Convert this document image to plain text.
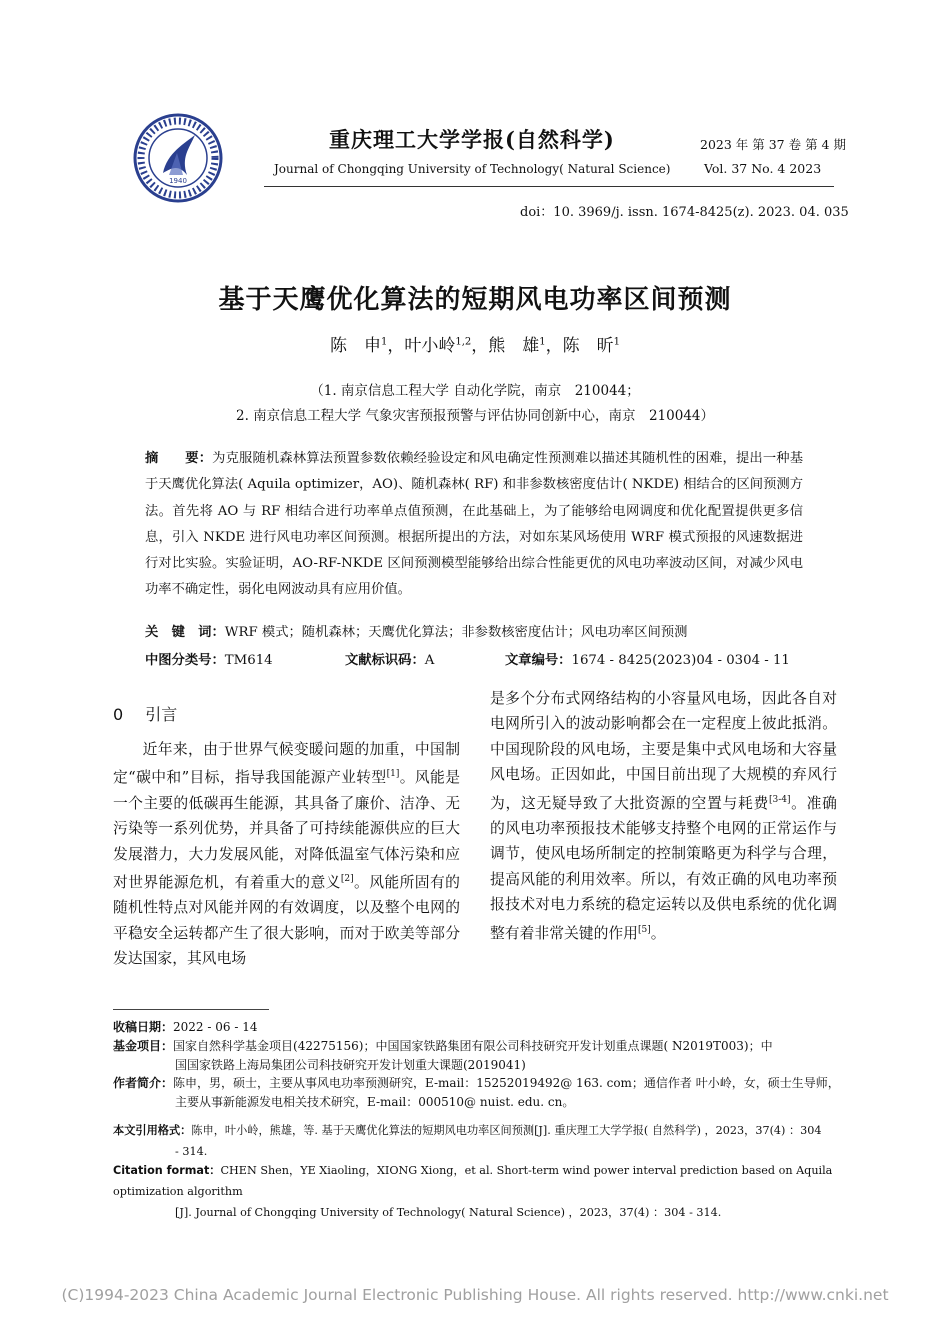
1940
重庆理工大学学报(自然科学)
Journal of Chongqing University of Technology( Natural Science)
2023 年 第 37 卷 第 4 期
Vol. 37 No. 4 2023
doi：10. 3969/j. issn. 1674-8425(z). 2023. 04. 035
基于天鹰优化算法的短期风电功率区间预测
陈　申$^1$，叶小岭$^{1,2}$，熊　雄$^1$，陈　昕$^1$
（1. 南京信息工程大学 自动化学院，南京　210044；
2. 南京信息工程大学 气象灾害预报预警与评估协同创新中心，南京　210044）
摘　　要：为克服随机森林算法预置参数依赖经验设定和风电确定性预测难以描述其随机性的困难，提出一种基于天鹰优化算法( Aquila optimizer，AO)、随机森林( RF) 和非参数核密度估计( NKDE) 相结合的区间预测方法。首先将 AO 与 RF 相结合进行功率单点值预测，在此基础上，为了能够给电网调度和优化配置提供更多信息，引入 NKDE 进行风电功率区间预测。根据所提出的方法，对如东某风场使用 WRF 模式预报的风速数据进行对比实验。实验证明，AO-RF-NKDE 区间预测模型能够给出综合性能更优的风电功率波动区间，对减少风电功率不确定性，弱化电网波动具有应用价值。
关　键　词：WRF 模式；随机森林；天鹰优化算法；非参数核密度估计；风电功率区间预测
中图分类号：TM614	文献标识码：A	文章编号：1674 - 8425(2023)04 - 0304 - 11
0 引言
近年来，由于世界气候变暖问题的加重，中国制定“碳中和”目标，指导我国能源产业转型[1]。风能是一个主要的低碳再生能源，其具备了廉价、洁净、无污染等一系列优势，并具备了可持续能源供应的巨大发展潜力，大力发展风能，对降低温室气体污染和应对世界能源危机，有着重大的意义[2]。风能所固有的随机性特点对风能并网的有效调度，以及整个电网的平稳安全运转都产生了很大影响，而对于欧美等部分发达国家，其风电场
是多个分布式网络结构的小容量风电场，因此各自对电网所引入的波动影响都会在一定程度上彼此抵消。中国现阶段的风电场，主要是集中式风电场和大容量风电场。正因如此，中国目前出现了大规模的弃风行为，这无疑导致了大批资源的空置与耗费[3-4]。准确的风电功率预报技术能够支持整个电网的正常运作与调节，使风电场所制定的控制策略更为科学与合理，提高风能的利用效率。所以，有效正确的风电功率预报技术对电力系统的稳定运转以及供电系统的优化调整有着非常关键的作用[5]。
收稿日期：2022 - 06 - 14
基金项目：国家自然科学基金项目(42275156)；中国国家铁路集团有限公司科技研究开发计划重点课题( N2019T003)；中
国国家铁路上海局集团公司科技研究开发计划重大课题(2019041)
作者简介：陈申，男，硕士，主要从事风电功率预测研究，E-mail：15252019492@ 163. com；通信作者 叶小岭，女，硕士生导师，
主要从事新能源发电相关技术研究，E-mail：000510@ nuist. edu. cn。
本文引用格式：陈申，叶小岭，熊雄，等. 基于天鹰优化算法的短期风电功率区间预测[J]. 重庆理工大学学报( 自然科学) ，2023，37(4) ：304
- 314.
Citation format：CHEN Shen，YE Xiaoling，XIONG Xiong，et al. Short-term wind power interval prediction based on Aquila optimization algorithm
[J]. Journal of Chongqing University of Technology( Natural Science) ，2023，37(4) ：304 - 314.
(C)1994-2023 China Academic Journal Electronic Publishing House. All rights reserved. http://www.cnki.net
